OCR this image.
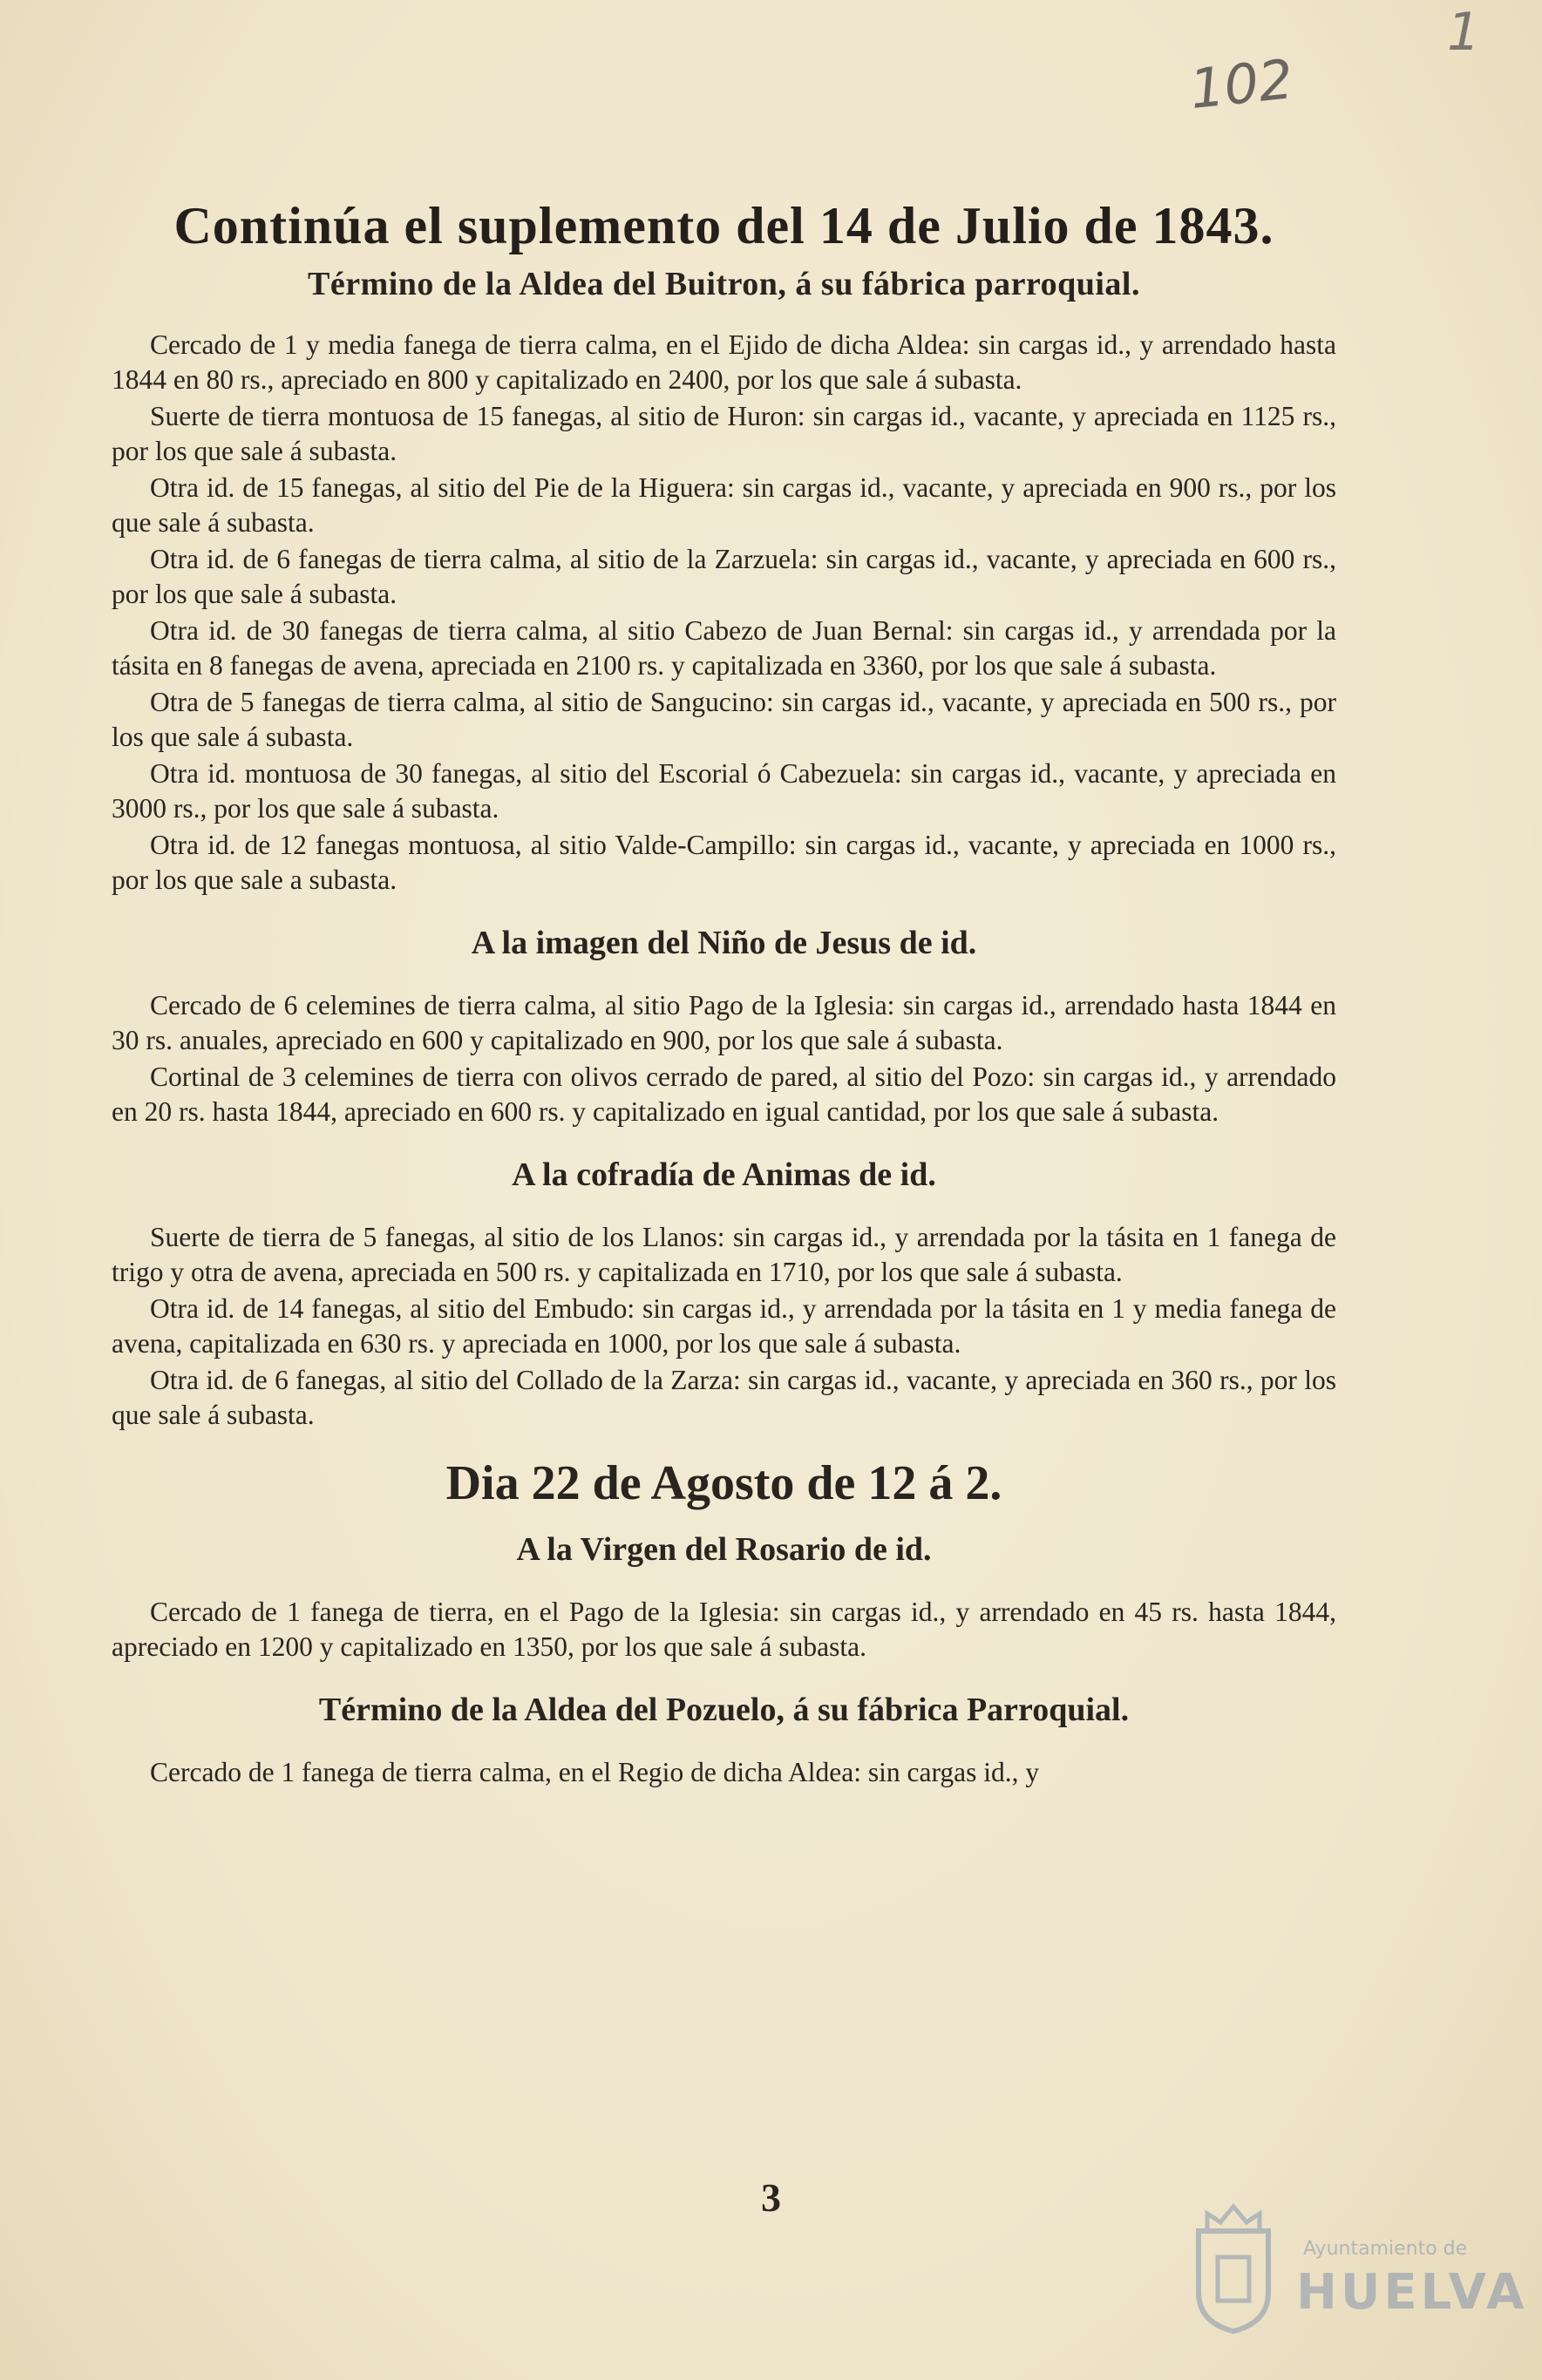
1
102
Continúa el suplemento del 14 de Julio de 1843.
Término de la Aldea del Buitron, á su fábrica parroquial.

Cercado de 1 y media fanega de tierra calma, en el Ejido de dicha Aldea: sin cargas id., y arrendado hasta 1844 en 80 rs., apreciado en 800 y capitalizado en 2400, por los que sale á subasta.

Suerte de tierra montuosa de 15 fanegas, al sitio de Huron: sin cargas id., vacante, y apreciada en 1125 rs., por los que sale á subasta.

Otra id. de 15 fanegas, al sitio del Pie de la Higuera: sin cargas id., vacante, y apreciada en 900 rs., por los que sale á subasta.

Otra id. de 6 fanegas de tierra calma, al sitio de la Zarzuela: sin cargas id., vacante, y apreciada en 600 rs., por los que sale á subasta.

Otra id. de 30 fanegas de tierra calma, al sitio Cabezo de Juan Bernal: sin cargas id., y arrendada por la tásita en 8 fanegas de avena, apreciada en 2100 rs. y capitalizada en 3360, por los que sale á subasta.

Otra de 5 fanegas de tierra calma, al sitio de Sangucino: sin cargas id., vacante, y apreciada en 500 rs., por los que sale á subasta.

Otra id. montuosa de 30 fanegas, al sitio del Escorial ó Cabezuela: sin cargas id., vacante, y apreciada en 3000 rs., por los que sale á subasta.

Otra id. de 12 fanegas montuosa, al sitio Valde-Campillo: sin cargas id., vacante, y apreciada en 1000 rs., por los que sale a subasta.

A la imagen del Niño de Jesus de id.

Cercado de 6 celemines de tierra calma, al sitio Pago de la Iglesia: sin cargas id., arrendado hasta 1844 en 30 rs. anuales, apreciado en 600 y capitalizado en 900, por los que sale á subasta.

Cortinal de 3 celemines de tierra con olivos cerrado de pared, al sitio del Pozo: sin cargas id., y arrendado en 20 rs. hasta 1844, apreciado en 600 rs. y capitalizado en igual cantidad, por los que sale á subasta.

A la cofradía de Animas de id.

Suerte de tierra de 5 fanegas, al sitio de los Llanos: sin cargas id., y arrendada por la tásita en 1 fanega de trigo y otra de avena, apreciada en 500 rs. y capitalizada en 1710, por los que sale á subasta.

Otra id. de 14 fanegas, al sitio del Embudo: sin cargas id., y arrendada por la tásita en 1 y media fanega de avena, capitalizada en 630 rs. y apreciada en 1000, por los que sale á subasta.

Otra id. de 6 fanegas, al sitio del Collado de la Zarza: sin cargas id., vacante, y apreciada en 360 rs., por los que sale á subasta.

Dia 22 de Agosto de 12 á 2.
A la Virgen del Rosario de id.

Cercado de 1 fanega de tierra, en el Pago de la Iglesia: sin cargas id., y arrendado en 45 rs. hasta 1844, apreciado en 1200 y capitalizado en 1350, por los que sale á subasta.

Término de la Aldea del Pozuelo, á su fábrica Parroquial.

Cercado de 1 fanega de tierra calma, en el Regio de dicha Aldea: sin cargas id., y

3
Ayuntamiento de
HUELVA
